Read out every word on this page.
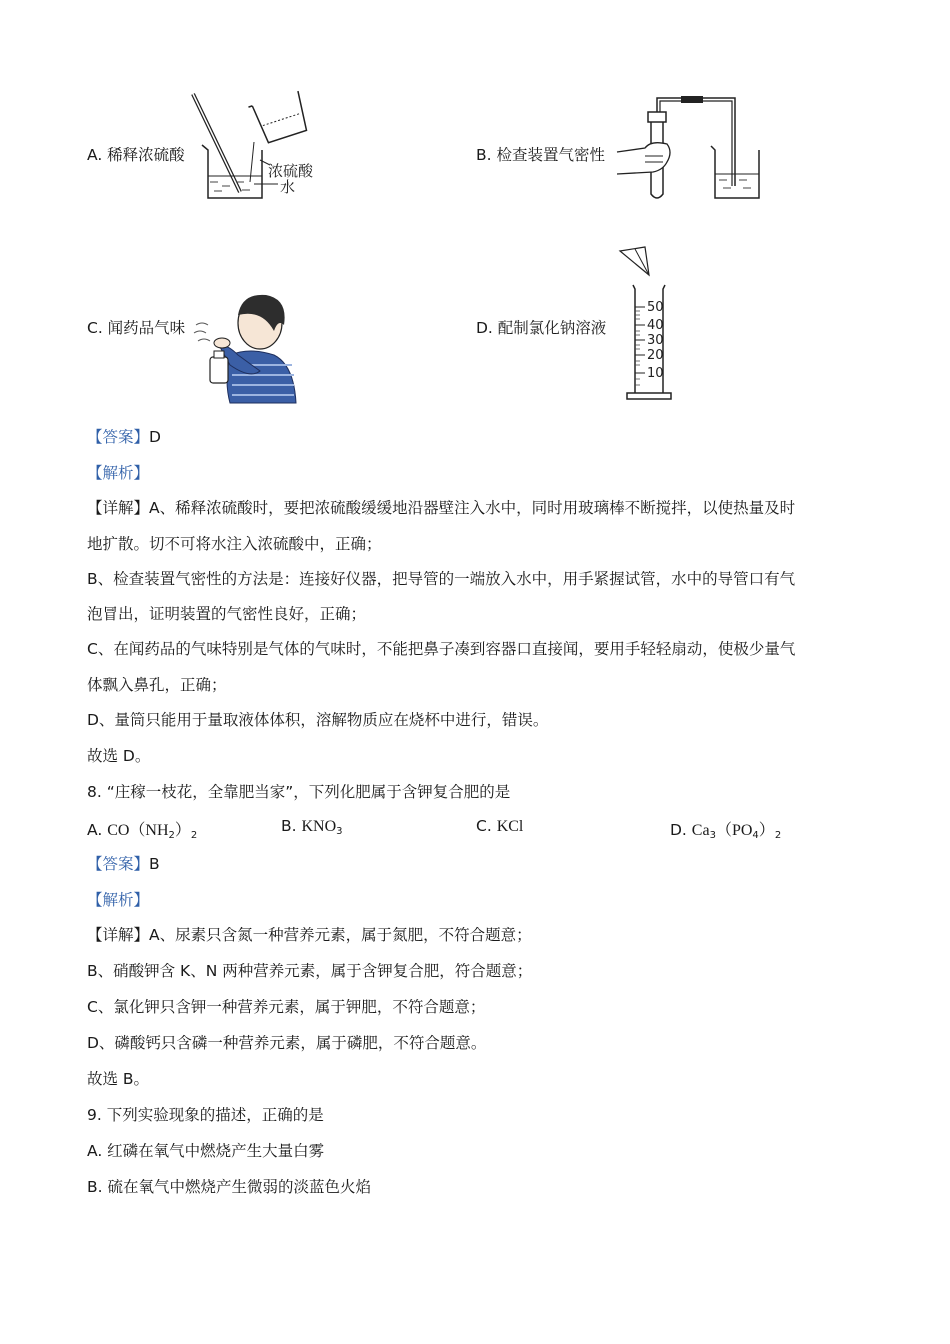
A. 稀释浓硫酸	B. 检查装置气密性
C. 闻药品气味	D. 配制氯化钠溶液
浓硫酸
水
50
40
30
20
10
【答案】D
【解析】
【详解】A、稀释浓硫酸时，要把浓硫酸缓缓地沿器壁注入水中，同时用玻璃棒不断搅拌，以使热量及时
地扩散。切不可将水注入浓硫酸中，正确；
B、检查装置气密性的方法是：连接好仪器，把导管的一端放入水中，用手紧握试管，水中的导管口有气
泡冒出，证明装置的气密性良好，正确；
C、在闻药品的气味特别是气体的气味时，不能把鼻子凑到容器口直接闻，要用手轻轻扇动，使极少量气
体飘入鼻孔，正确；
D、量筒只能用于量取液体体积，溶解物质应在烧杯中进行，错误。
故选 D。
8. “庄稼一枝花，全靠肥当家”，下列化肥属于含钾复合肥的是
A. $CO(NH_2)_2$
B. $KNO_3$	C. KCl	D. $Ca_3(PO_4)_2$
【答案】B
【解析】
【详解】A、尿素只含氮一种营养元素，属于氮肥，不符合题意；
B、硝酸钾含 K、N 两种营养元素，属于含钾复合肥，符合题意；
C、氯化钾只含钾一种营养元素，属于钾肥，不符合题意；
D、磷酸钙只含磷一种营养元素，属于磷肥，不符合题意。
故选 B。
9. 下列实验现象的描述，正确的是
A. 红磷在氧气中燃烧产生大量白雾
B. 硫在氧气中燃烧产生微弱的淡蓝色火焰
